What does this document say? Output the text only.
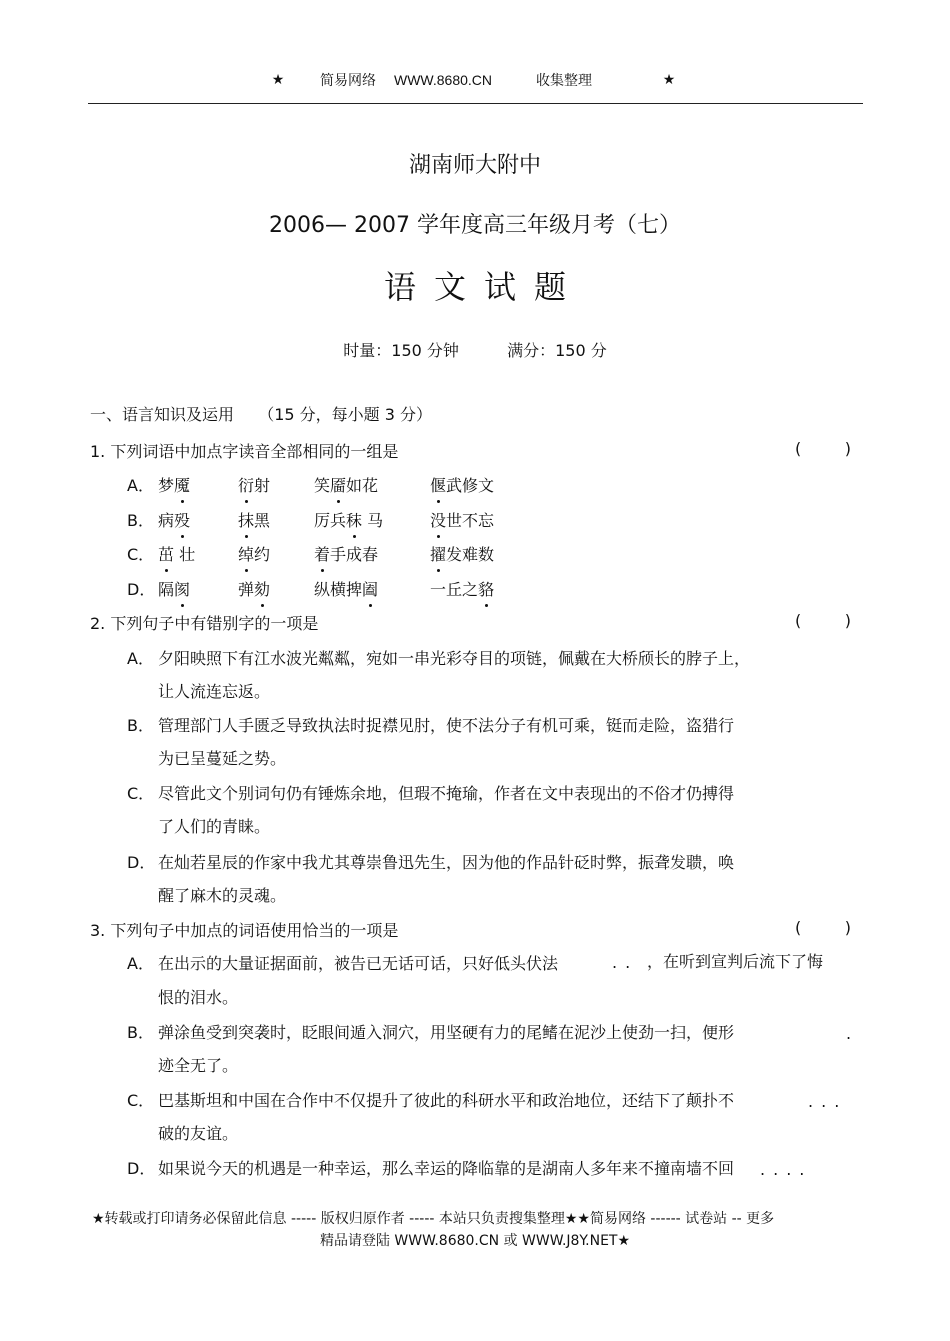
★	简易网络 WWW.8680.CN	收集整理	★
湖南师大附中
2006— 2007 学年度高三年级月考（七）
语文试题
时量：150 分钟	满分：150 分
一、语言知识及运用 （15 分，每小题 3 分）
1. 下列词语中加点字读音全部相同的一组是	(	)
A． 梦魇	衍射	笑靥如花	偃武修文
B． 病殁	抹黑	厉兵秣 马	没世不忘
C． 茁 壮	绰约	着手成春	擢发难数
D． 隔阂	弹劾	纵横捭阖	一丘之貉
2. 下列句子中有错别字的一项是	(	)
A． 夕阳映照下有江水波光粼粼，宛如一串光彩夺目的项链，佩戴在大桥颀长的脖子上，
让人流连忘返。
B． 管理部门人手匮乏导致执法时捉襟见肘，使不法分子有机可乘，铤而走险，盗猎行
为已呈蔓延之势。
C． 尽管此文个别词句仍有锤炼余地，但瑕不掩瑜，作者在文中表现出的不俗才仍搏得
了人们的青睐。
D． 在灿若星辰的作家中我尤其尊崇鲁迅先生，因为他的作品针砭时弊，振聋发聩，唤
醒了麻木的灵魂。
3. 下列句子中加点的词语使用恰当的一项是	(	)
A． 在出示的大量证据面前，被告已无话可话，只好低头伏法	.. ，在听到宣判后流下了悔
恨的泪水。
B． 弹涂鱼受到突袭时，眨眼间遁入洞穴，用坚硬有力的尾鳍在泥沙上使劲一扫，便形	.
迹全无了。
C． 巴基斯坦和中国在合作中不仅提升了彼此的科研水平和政治地位，还结下了颠扑不	...
破的友谊。
D． 如果说今天的机遇是一种幸运，那么幸运的降临靠的是湖南人多年来不撞南墙不回 ....
★转载或打印请务必保留此信息 ----- 版权归原作者 ----- 本站只负责搜集整理★★简易网络 ------ 试卷站 -- 更多
精品请登陆 WWW.8680.CN 或 WWW.J8Y.NET★
